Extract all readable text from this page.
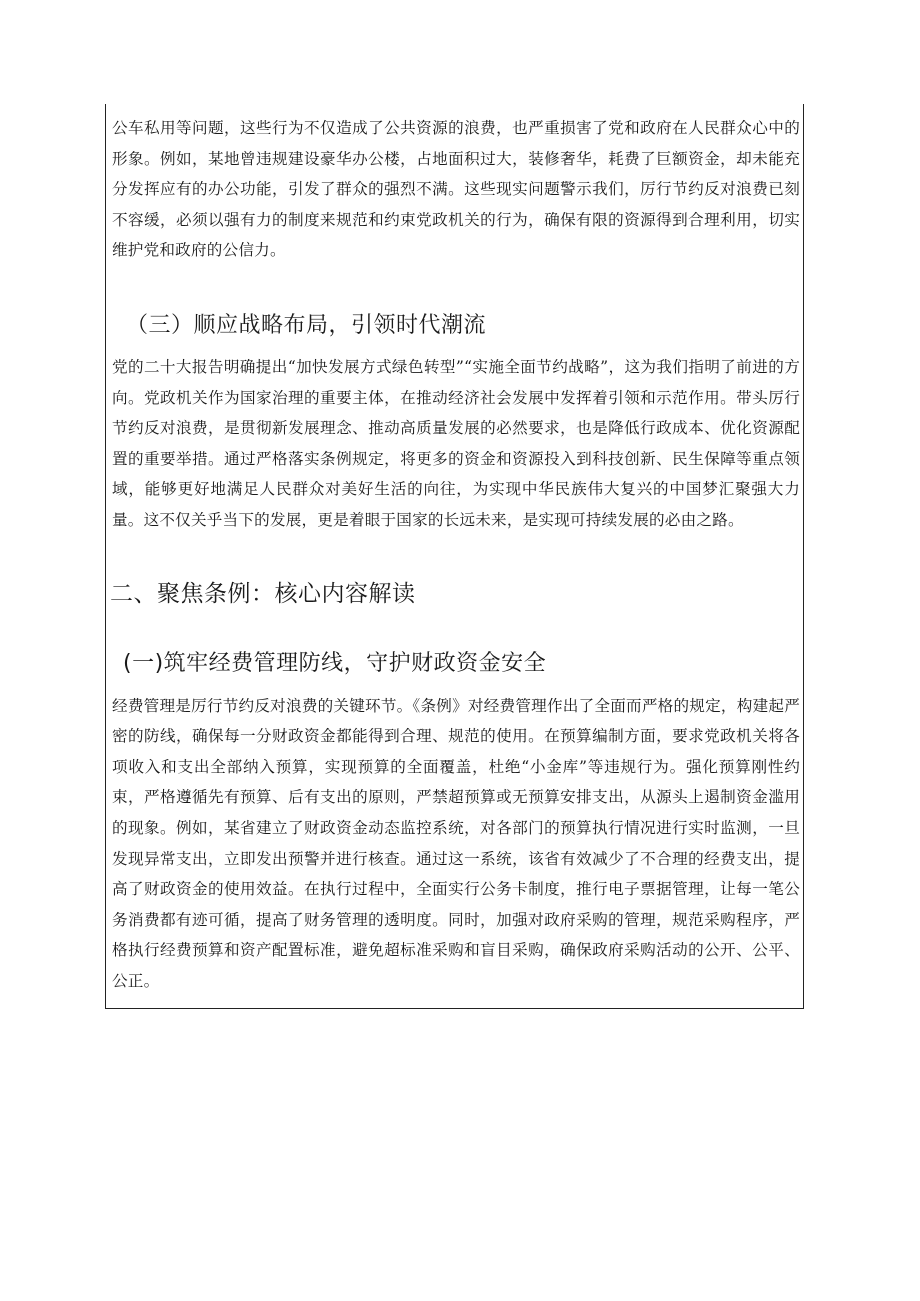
公车私用等问题，这些行为不仅造成了公共资源的浪费，也严重损害了党和政府在人民群众心中的形象。例如，某地曾违规建设豪华办公楼，占地面积过大，装修奢华，耗费了巨额资金，却未能充分发挥应有的办公功能，引发了群众的强烈不满。这些现实问题警示我们，厉行节约反对浪费已刻不容缓，必须以强有力的制度来规范和约束党政机关的行为，确保有限的资源得到合理利用，切实维护党和政府的公信力。

（三）顺应战略布局，引领时代潮流

党的二十大报告明确提出“加快发展方式绿色转型”“实施全面节约战略”，这为我们指明了前进的方向。党政机关作为国家治理的重要主体，在推动经济社会发展中发挥着引领和示范作用。带头厉行节约反对浪费，是贯彻新发展理念、推动高质量发展的必然要求，也是降低行政成本、优化资源配置的重要举措。通过严格落实条例规定，将更多的资金和资源投入到科技创新、民生保障等重点领域，能够更好地满足人民群众对美好生活的向往，为实现中华民族伟大复兴的中国梦汇聚强大力量。这不仅关乎当下的发展，更是着眼于国家的长远未来，是实现可持续发展的必由之路。

二、聚焦条例：核心内容解读
(一)筑牢经费管理防线，守护财政资金安全

经费管理是厉行节约反对浪费的关键环节。《条例》对经费管理作出了全面而严格的规定，构建起严密的防线，确保每一分财政资金都能得到合理、规范的使用。在预算编制方面，要求党政机关将各项收入和支出全部纳入预算，实现预算的全面覆盖，杜绝“小金库”等违规行为。强化预算刚性约束，严格遵循先有预算、后有支出的原则，严禁超预算或无预算安排支出，从源头上遏制资金滥用的现象。例如，某省建立了财政资金动态监控系统，对各部门的预算执行情况进行实时监测，一旦发现异常支出，立即发出预警并进行核查。通过这一系统，该省有效减少了不合理的经费支出，提高了财政资金的使用效益。在执行过程中，全面实行公务卡制度，推行电子票据管理，让每一笔公务消费都有迹可循，提高了财务管理的透明度。同时，加强对政府采购的管理，规范采购程序，严格执行经费预算和资产配置标准，避免超标准采购和盲目采购，确保政府采购活动的公开、公平、公正。
